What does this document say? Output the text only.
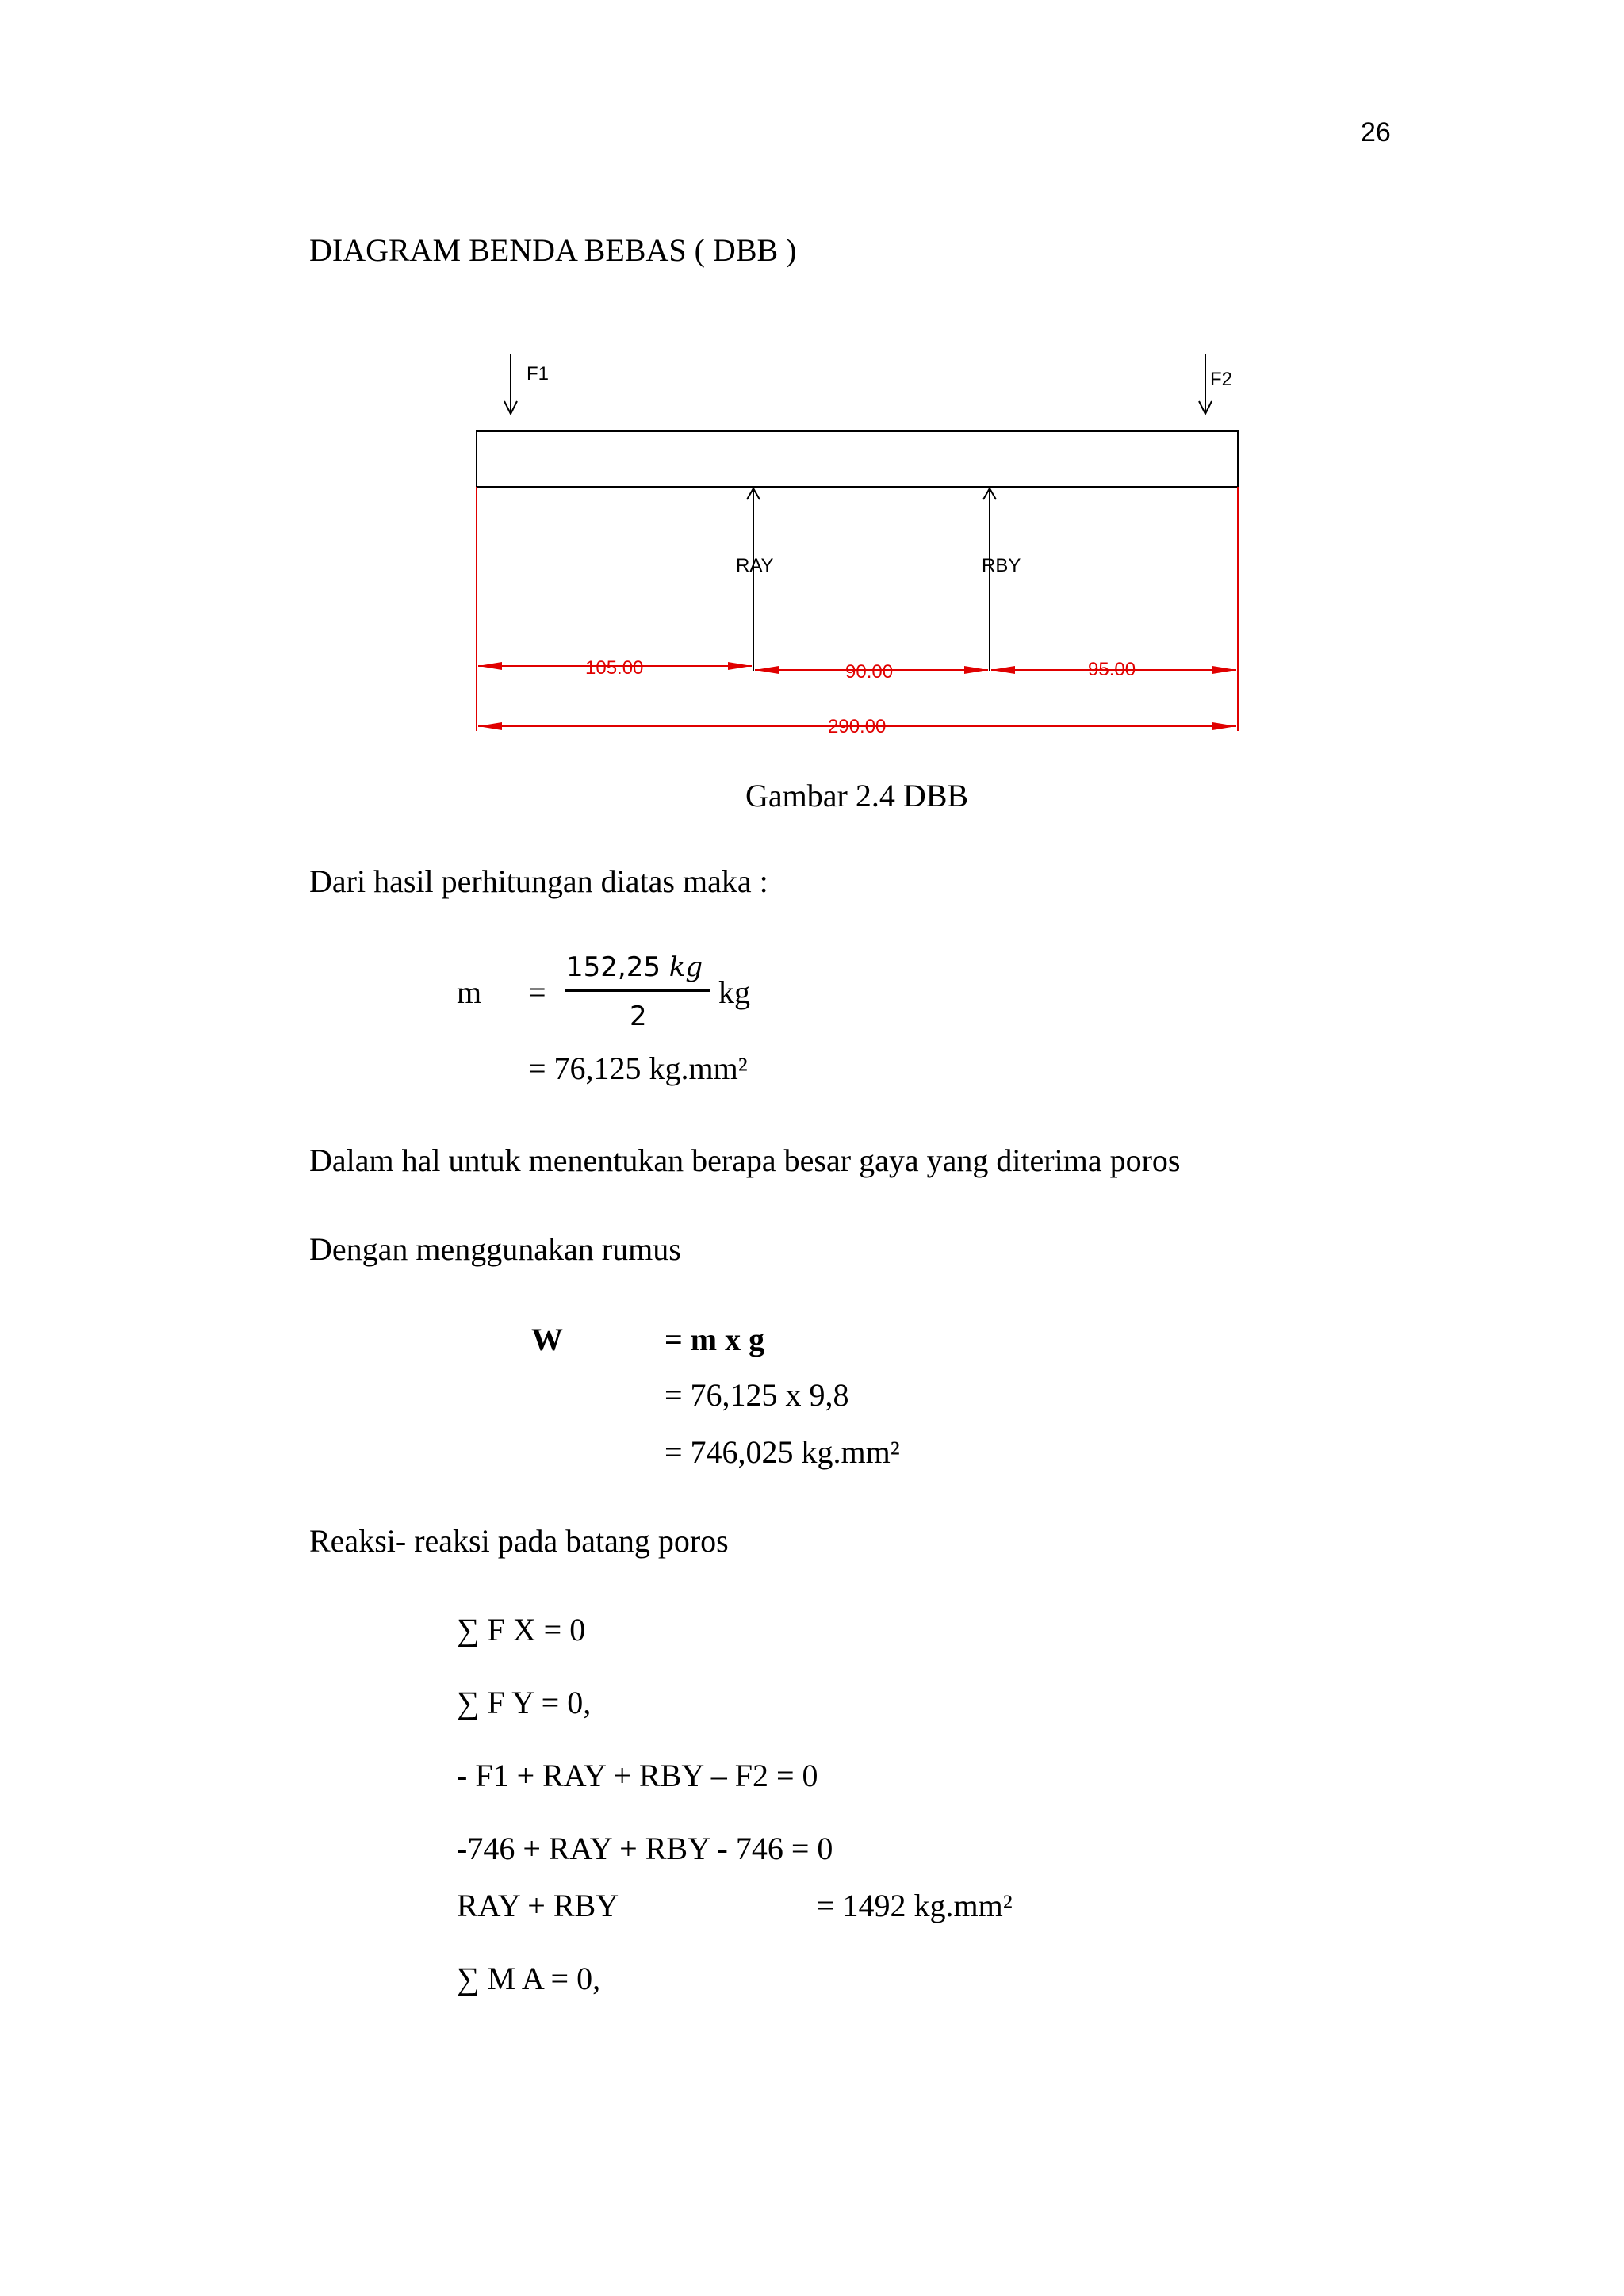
26
DIAGRAM BENDA BEBAS ( DBB )
F1	F2
RAY	RBY
105.00	90.00	95.00
290.00
Gambar 2.4 DBB
Dari hasil perhitungan diatas maka :
m =
152,25 kg
2
kg
= 76,125 kg.mm²
Dalam hal untuk menentukan berapa besar gaya yang diterima poros
Dengan menggunakan rumus
W	= m x g
= 76,125 x 9,8
= 746,025 kg.mm²
Reaksi- reaksi pada batang poros
∑ F X = 0
∑ F Y = 0,
- F1 + RAY + RBY – F2 = 0
-746 + RAY + RBY - 746 = 0
RAY + RBY	= 1492 kg.mm²
∑ M A = 0,
